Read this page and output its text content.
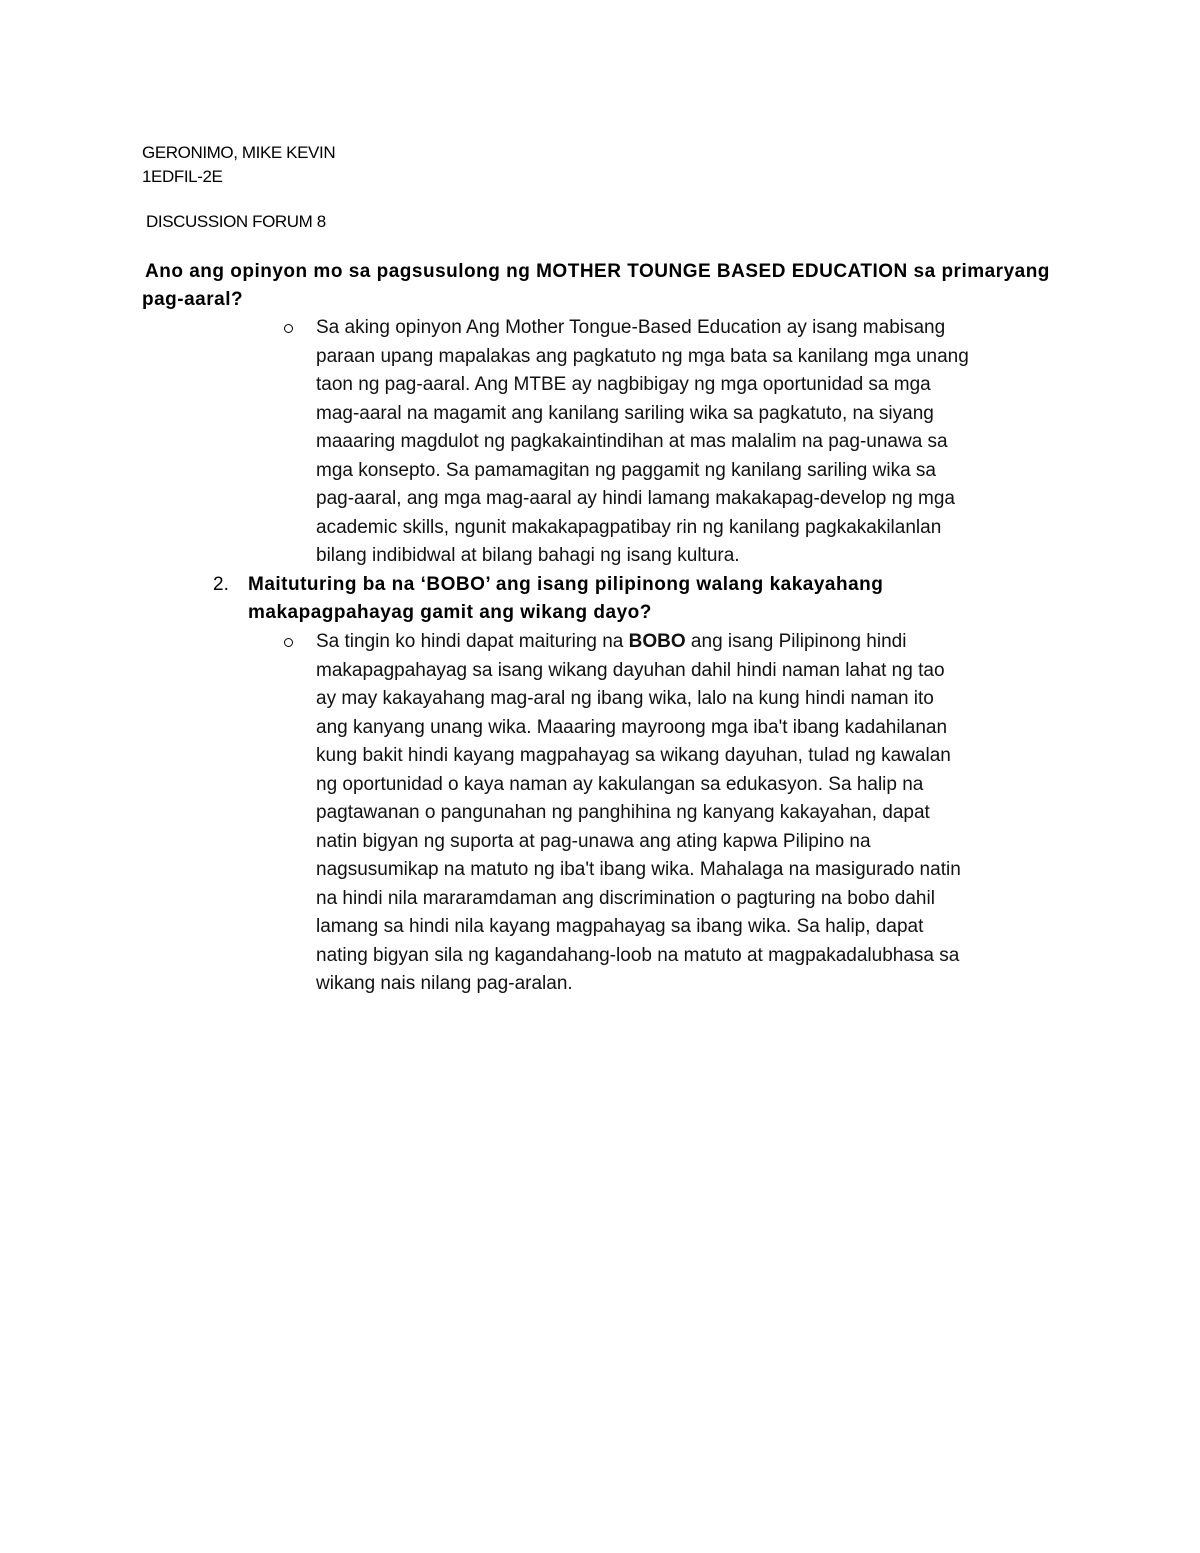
GERONIMO, MIKE KEVIN
1EDFIL-2E
DISCUSSION FORUM 8
Ano ang opinyon mo sa pagsusulong ng MOTHER TOUNGE BASED EDUCATION sa primaryang pag-aaral?
Sa aking opinyon Ang Mother Tongue-Based Education ay isang mabisang
paraan upang mapalakas ang pagkatuto ng mga bata sa kanilang mga unang
taon ng pag-aaral. Ang MTBE ay nagbibigay ng mga oportunidad sa mga
mag-aaral na magamit ang kanilang sariling wika sa pagkatuto, na siyang
maaaring magdulot ng pagkakaintindihan at mas malalim na pag-unawa sa
mga konsepto. Sa pamamagitan ng paggamit ng kanilang sariling wika sa
pag-aaral, ang mga mag-aaral ay hindi lamang makakapag-develop ng mga
academic skills, ngunit makakapagpatibay rin ng kanilang pagkakakilanlan
bilang indibidwal at bilang bahagi ng isang kultura.
2. Maituturing ba na ‘BOBO’ ang isang pilipinong walang kakayahang
makapagpahayag gamit ang wikang dayo?
Sa tingin ko hindi dapat maituring na BOBO ang isang Pilipinong hindi
makapagpahayag sa isang wikang dayuhan dahil hindi naman lahat ng tao
ay may kakayahang mag-aral ng ibang wika, lalo na kung hindi naman ito
ang kanyang unang wika. Maaaring mayroong mga iba't ibang kadahilanan
kung bakit hindi kayang magpahayag sa wikang dayuhan, tulad ng kawalan
ng oportunidad o kaya naman ay kakulangan sa edukasyon. Sa halip na
pagtawanan o pangunahan ng panghihina ng kanyang kakayahan, dapat
natin bigyan ng suporta at pag-unawa ang ating kapwa Pilipino na
nagsusumikap na matuto ng iba't ibang wika. Mahalaga na masigurado natin
na hindi nila mararamdaman ang discrimination o pagturing na bobo dahil
lamang sa hindi nila kayang magpahayag sa ibang wika. Sa halip, dapat
nating bigyan sila ng kagandahang-loob na matuto at magpakadalubhasa sa
wikang nais nilang pag-aralan.
